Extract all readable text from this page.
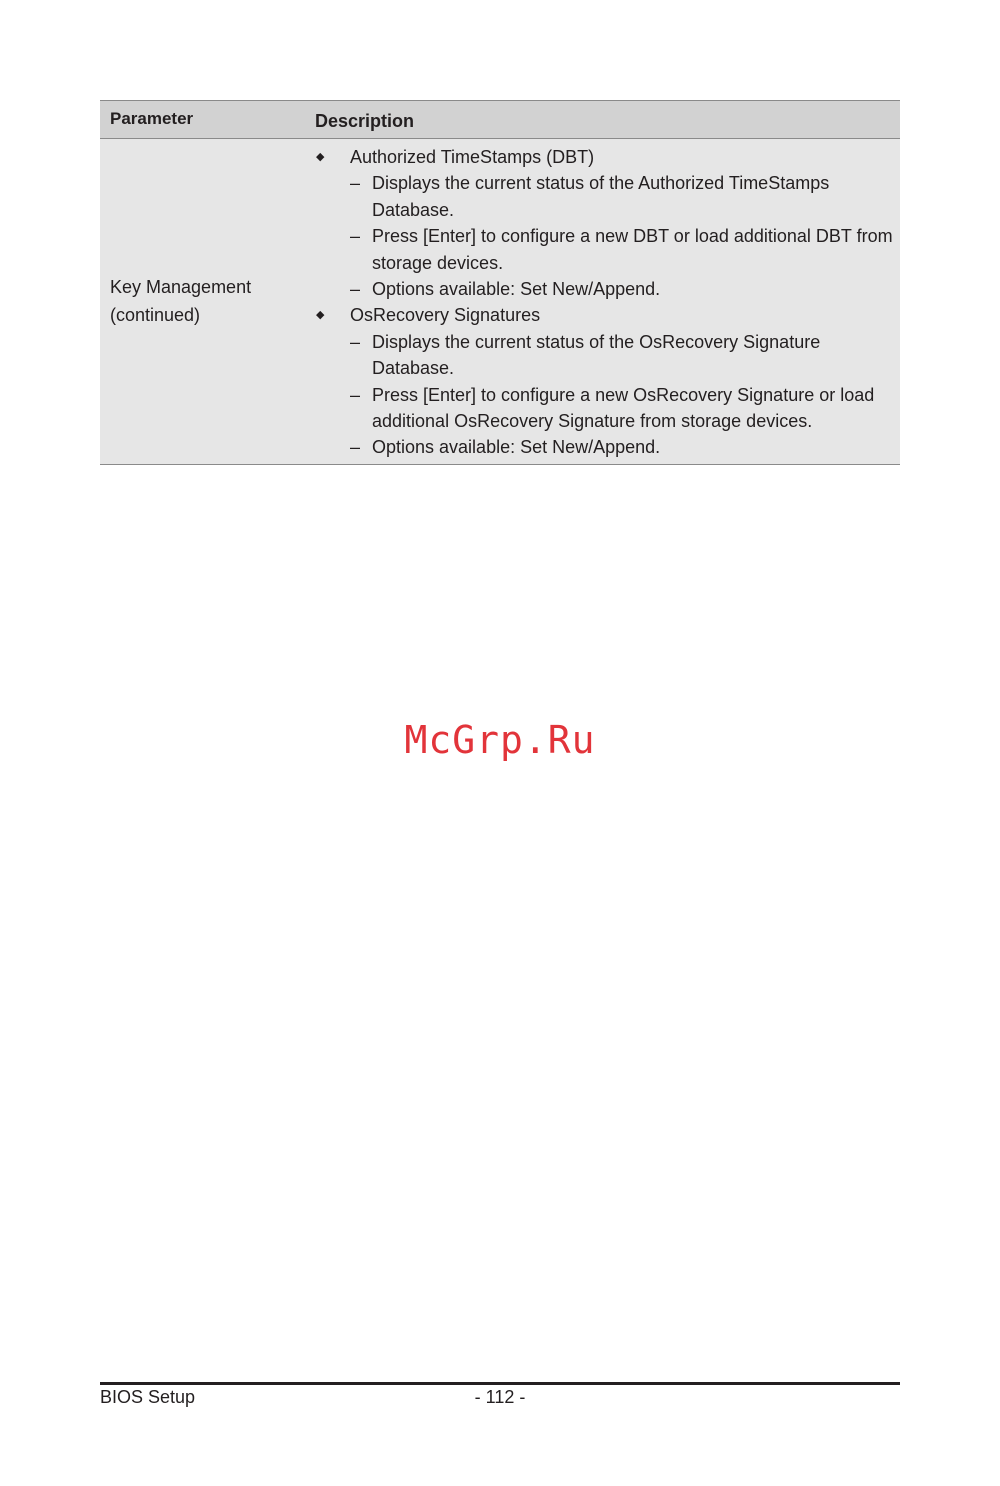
Parameter	Description
Key Management
(continued)
◆ Authorized TimeStamps (DBT)
– Displays the current status of the Authorized TimeStamps Database.
– Press [Enter] to configure a new DBT or load additional DBT from
storage devices.
– Options available: Set New/Append.
◆ OsRecovery Signatures
– Displays the current status of the OsRecovery Signature Database.
– Press [Enter] to configure a new OsRecovery Signature or load
additional OsRecovery Signature from storage devices.
– Options available: Set New/Append.
McGrp.Ru
BIOS Setup	- 112 -
